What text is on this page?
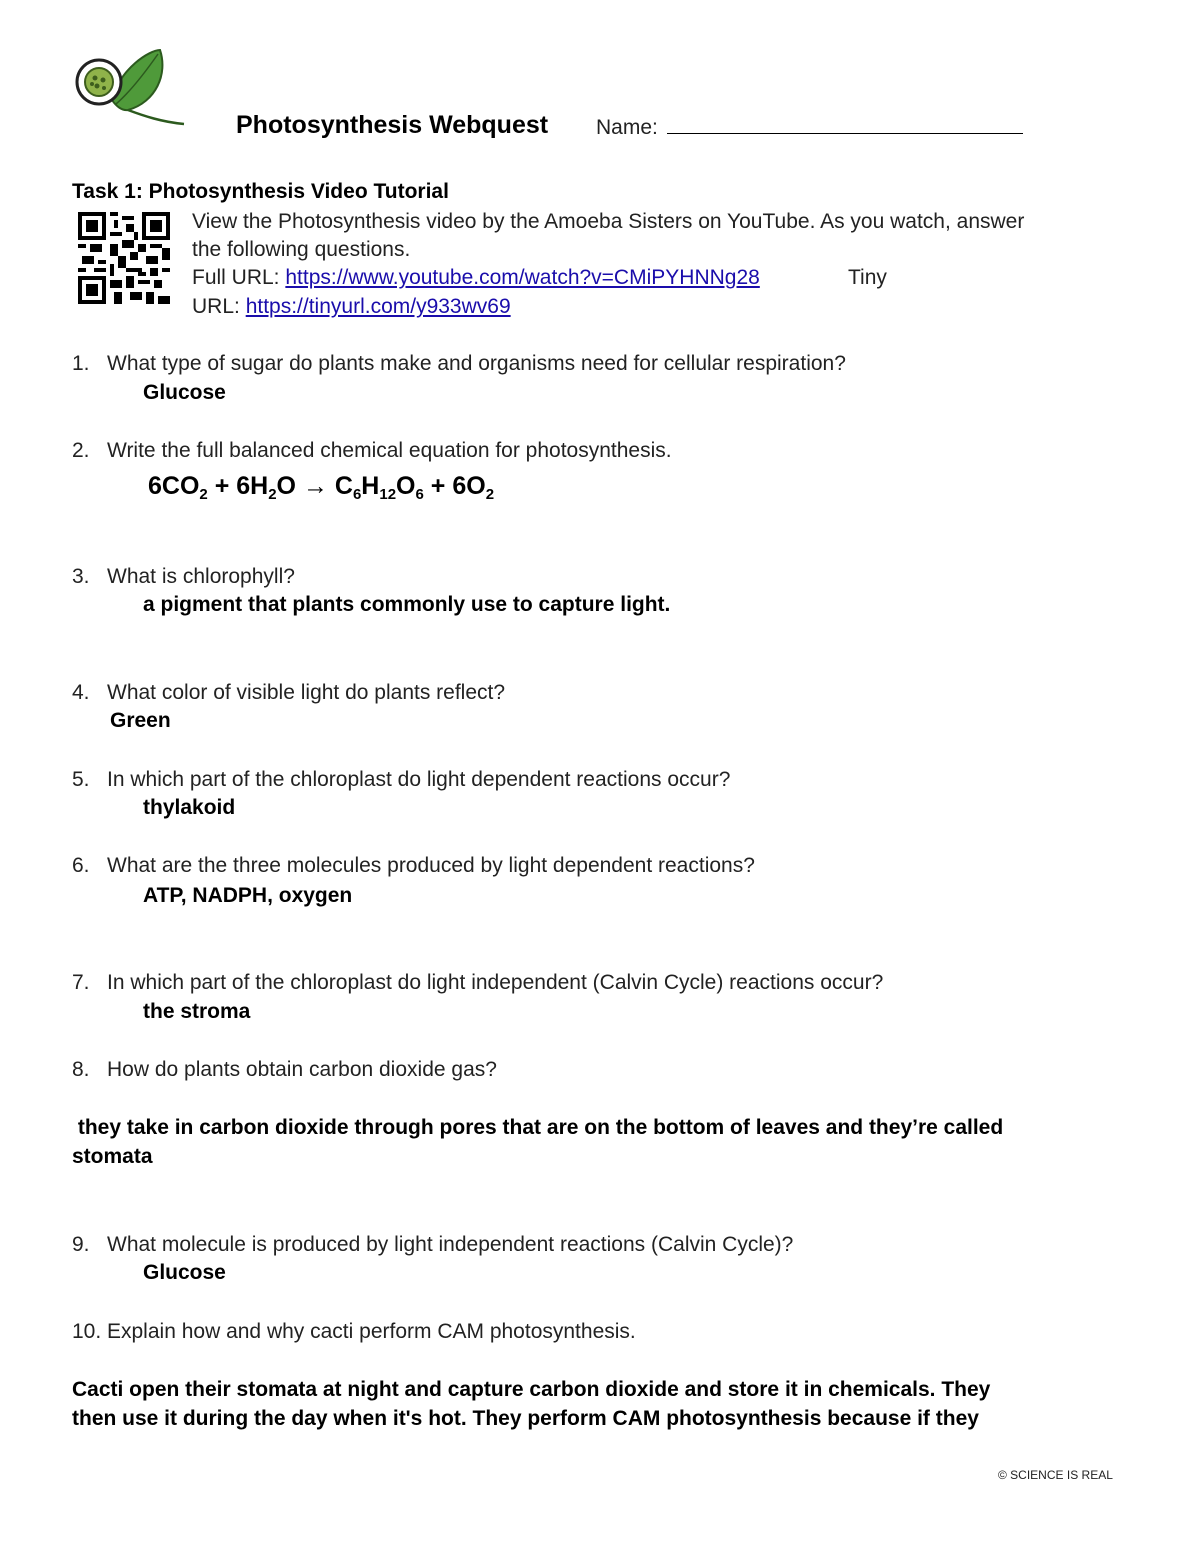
Photosynthesis Webquest Name:
Task 1: Photosynthesis Video Tutorial
View the Photosynthesis video by the Amoeba Sisters on YouTube. As you watch, answer
the following questions.
Full URL: https://www.youtube.com/watch?v=CMiPYHNNg28	Tiny
URL: https://tinyurl.com/y933wv69
1. What type of sugar do plants make and organisms need for cellular respiration?
Glucose
2. Write the full balanced chemical equation for photosynthesis.
$6CO_2 + 6H_2O \to C_6H_{12}O_6 + 6O_2$
3. What is chlorophyll?
a pigment that plants commonly use to capture light.
4. What color of visible light do plants reflect?
Green
5. In which part of the chloroplast do light dependent reactions occur?
thylakoid
6. What are the three molecules produced by light dependent reactions?
ATP, NADPH, oxygen
7. In which part of the chloroplast do light independent (Calvin Cycle) reactions occur?
the stroma
8. How do plants obtain carbon dioxide gas?
they take in carbon dioxide through pores that are on the bottom of leaves and they’re called
stomata
9. What molecule is produced by light independent reactions (Calvin Cycle)?
Glucose
10. Explain how and why cacti perform CAM photosynthesis.
Cacti open their stomata at night and capture carbon dioxide and store it in chemicals. They
then use it during the day when it's hot. They perform CAM photosynthesis because if they
© SCIENCE IS REAL
